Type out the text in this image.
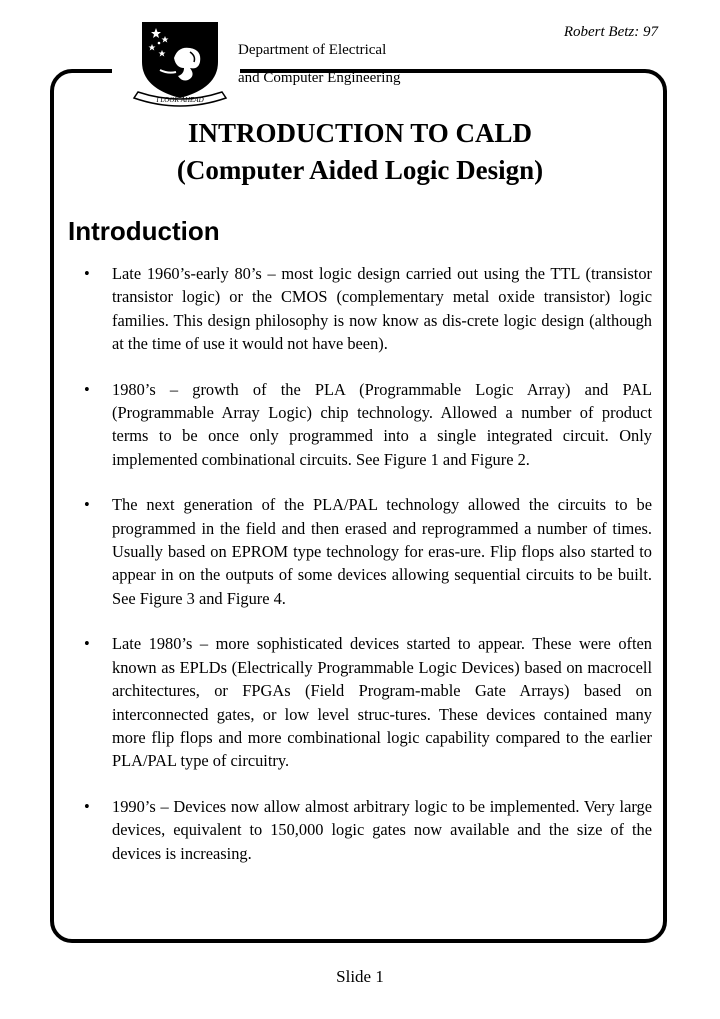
Robert Betz: 97
I LOOK AHEAD
Department of Electrical
and Computer Engineering
INTRODUCTION TO CALD
(Computer Aided Logic Design)
Introduction
• Late 1960’s-early 80’s – most logic design carried out using the TTL (transistor transistor logic) or the CMOS (complementary metal oxide transistor) logic families. This design philosophy is now know as dis-crete logic design (although at the time of use it would not have been).
• 1980’s – growth of the PLA (Programmable Logic Array) and PAL (Programmable Array Logic) chip technology. Allowed a number of product terms to be once only programmed into a single integrated circuit. Only implemented combinational circuits. See Figure 1 and Figure 2.
• The next generation of the PLA/PAL technology allowed the circuits to be programmed in the field and then erased and reprogrammed a number of times. Usually based on EPROM type technology for eras-ure. Flip flops also started to appear in on the outputs of some devices allowing sequential circuits to be built. See Figure 3 and Figure 4.
• Late 1980’s – more sophisticated devices started to appear. These were often known as EPLDs (Electrically Programmable Logic Devices) based on macrocell architectures, or FPGAs (Field Program-mable Gate Arrays) based on interconnected gates, or low level struc-tures. These devices contained many more flip flops and more combinational logic capability compared to the earlier PLA/PAL type of circuitry.
• 1990’s – Devices now allow almost arbitrary logic to be implemented. Very large devices, equivalent to 150,000 logic gates now available and the size of the devices is increasing.
Slide 1
